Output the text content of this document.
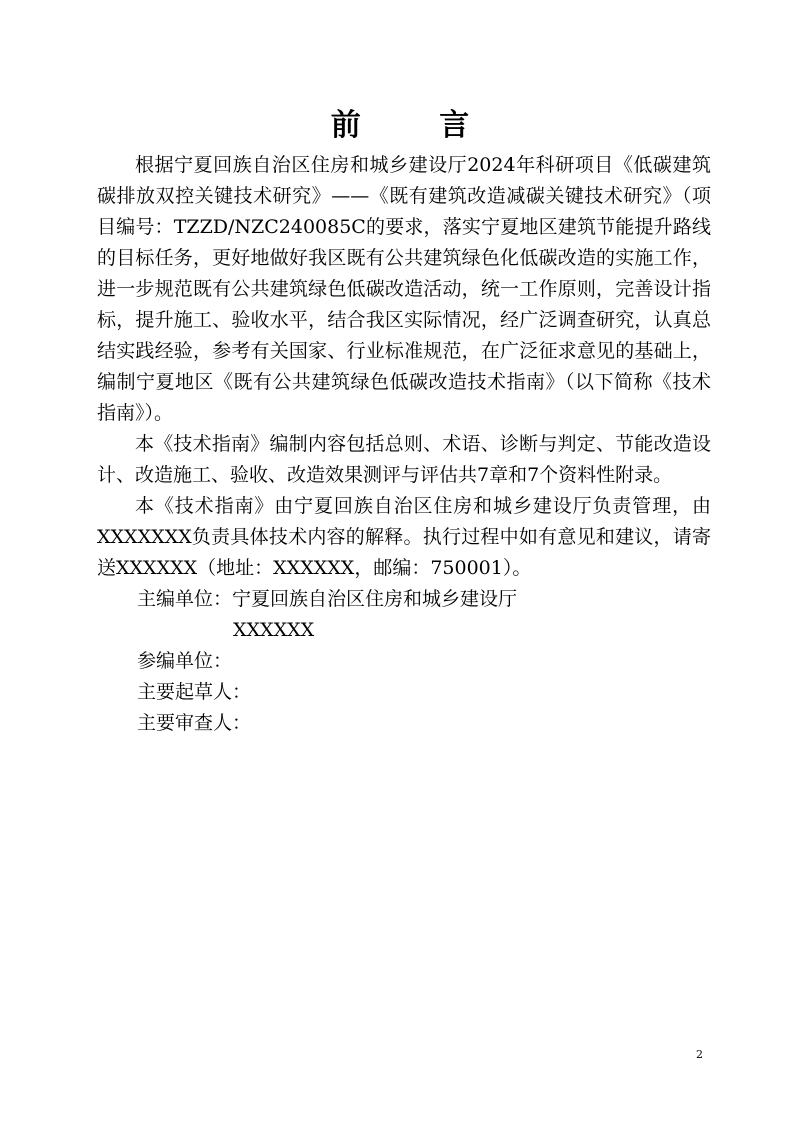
前 言

根据宁夏回族自治区住房和城乡建设厅2024年科研项目《低碳建筑碳排放双控关键技术研究》——《既有建筑改造减碳关键技术研究》（项目编号：TZZD/NZC240085C的要求，落实宁夏地区建筑节能提升路线的目标任务，更好地做好我区既有公共建筑绿色化低碳改造的实施工作，进一步规范既有公共建筑绿色低碳改造活动，统一工作原则，完善设计指标，提升施工、验收水平，结合我区实际情况，经广泛调查研究，认真总结实践经验，参考有关国家、行业标准规范，在广泛征求意见的基础上，编制宁夏地区《既有公共建筑绿色低碳改造技术指南》（以下简称《技术指南》）。

本《技术指南》编制内容包括总则、术语、诊断与判定、节能改造设计、改造施工、验收、改造效果测评与评估共7章和7个资料性附录。

本《技术指南》由宁夏回族自治区住房和城乡建设厅负责管理，由XXXXXXX负责具体技术内容的解释。执行过程中如有意见和建议，请寄送XXXXXX（地址：XXXXXX，邮编：750001）。

主编单位：宁夏回族自治区住房和城乡建设厅

XXXXXX

参编单位：

主要起草人：

主要审查人：

2
